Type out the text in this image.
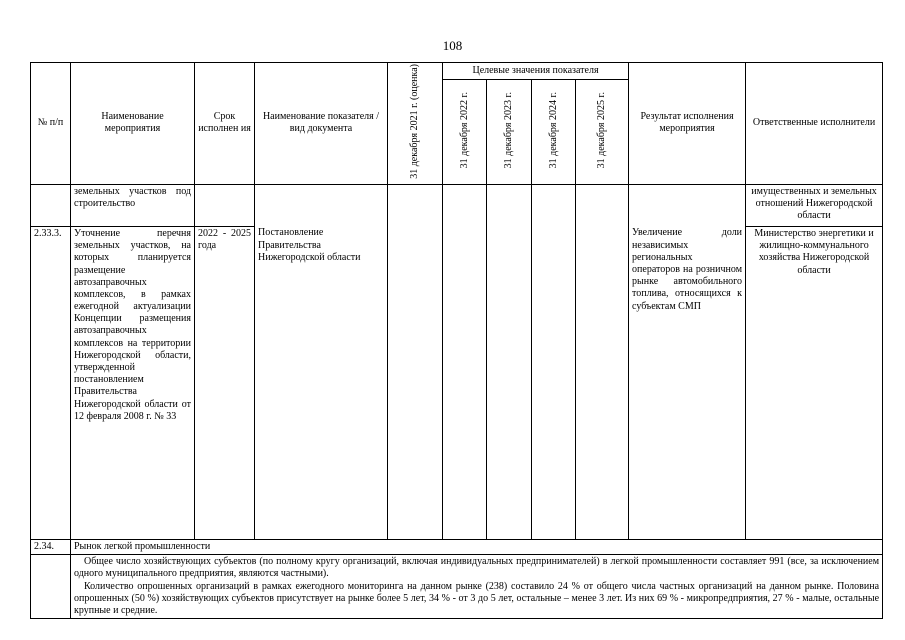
108
№ п/п	Наименование мероприятия	Срок исполнен ия	Наименование показателя / вид документа	31 декабря 2021 г. (оценка)	Целевые значения показателя				Результат исполнения мероприятия	Ответственные исполнители
					31 декабря 2022 г.	31 декабря 2023 г.	31 декабря 2024 г.	31 декабря 2025 г.		
	земельных участков под строительство									имущественных и земельных отношений Нижегородской области
2.33.3.	Уточнение перечня земельных участков, на которых планируется размещение автозаправочных комплексов, в рамках ежегодной актуализации Концепции размещения автозаправочных комплексов на территории Нижегородской области, утвержденной постановлением Правительства Нижегородской области от 12 февраля 2008 г. № 33	2022 - 2025 года	Постановление Правительства Нижегородской области						Увеличение доли независимых региональных операторов на розничном рынке автомобильного топлива, относящихся к субъектам СМП	Министерство энергетики и жилищно-коммунального хозяйства Нижегородской области
2.34.	Рынок легкой промышленности									

	Общее число хозяйствующих субъектов (по полному кругу организаций, включая индивидуальных предпринимателей) в легкой промышленности составляет 991 (все, за исключением одного муниципального предприятия, являются частными).
Количество опрошенных организаций в рамках ежегодного мониторинга на данном рынке (238) составило 24 % от общего числа частных организаций на данном рынке. Половина опрошенных (50 %) хозяйствующих субъектов присутствует на рынке более 5 лет, 34 % - от 3 до 5 лет, остальные – менее 3 лет. Из них 69 % - микропредприятия, 27 % - малые, остальные крупные и средние.									
